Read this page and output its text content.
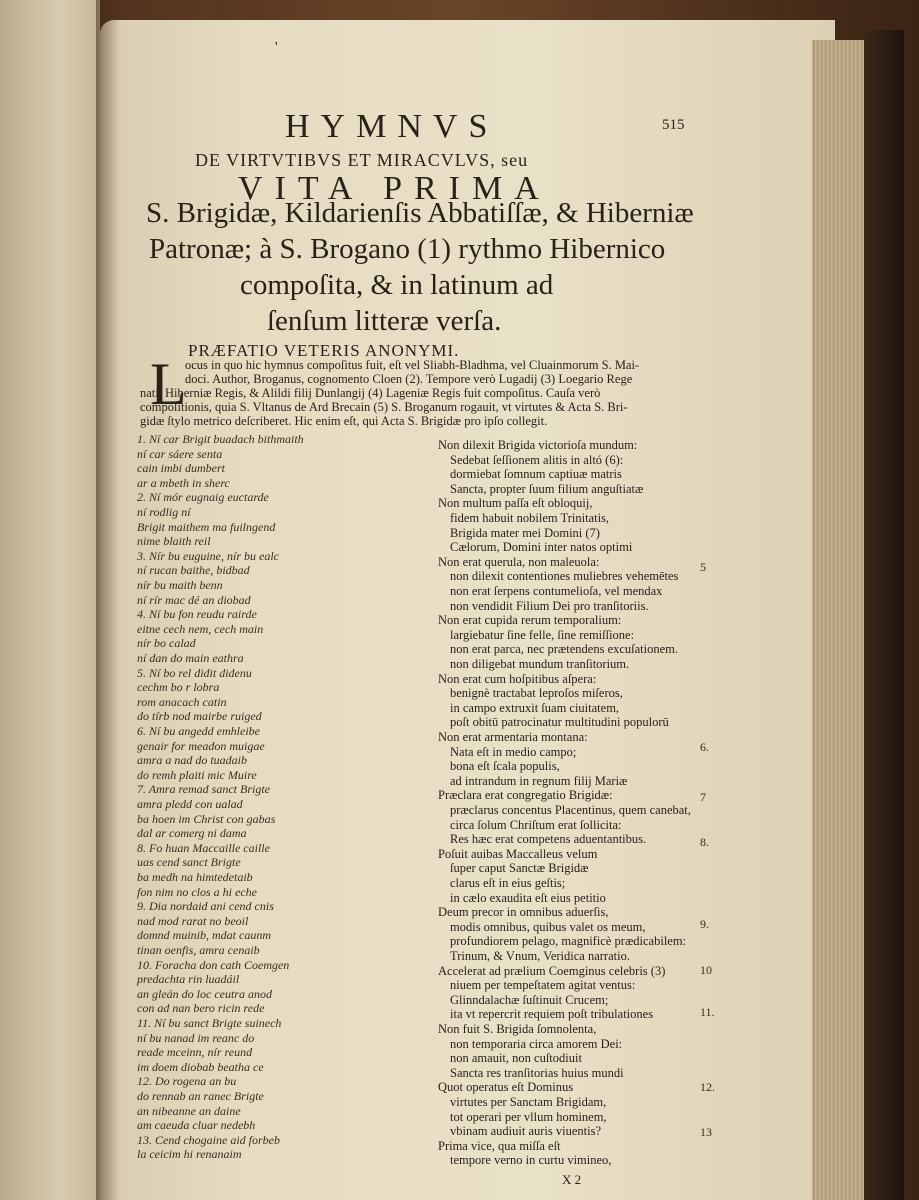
'
HYMNVS	515
DE VIRTVTIBVS ET MIRACVLVS, seu
VITA PRIMA
S. Brigidæ, Kildarienſis Abbatiſſæ, & Hiberniæ
Patronæ; à S. Brogano (1) rythmo Hibernico
compoſita, & in latinum ad
ſenſum litteræ verſa.
PRÆFATIO VETERIS ANONYMI.
L
ocus in quo hic hymnus compoſitus fuit, eſt vel Sliabh-Bladhma, vel Cluainmorum S. Mai-
doci. Author, Broganus, cognomento Cloen (2). Tempore verò Lugadij (3) Loegario Rege
nati, Hiberniæ Regis, & Alildi filij Dunlangij (4) Lageniæ Regis fuit compoſitus. Cauſa verò
compoſitionis, quia S. Vltanus de Ard Brecain (5) S. Broganum rogauit, vt virtutes & Acta S. Bri-
gidæ ſtylo metrico deſcriberet. Hic enim eſt, qui Acta S. Brigidæ pro ipſo collegit.
1. Ní car Brigit buadach bithmaith
ní car sáere senta
cain imbi dumbert
ar a mbeth in sherc
2. Ní mór eugnaig euctarde
ní rodlig ní
Brigit maithem ma fuilngend
nime blaith reil
3. Nír bu euguine, nír bu ealc
ní rucan baithe, bidbad
nír bu maith benn
ní rír mac dé an diobad
4. Ní bu fon reudu rairde
eitne cech nem, cech main
nír bo calad
ní dan do main eathra
5. Ní bo rel didit didenu
cechm bo r lobra
rom anacach catin
do tírb nod mairbe ruiged
6. Ní bu angedd emhleibe
genair for meadon muigae
amra a nad do tuadaib
do remh plaiti mic Muire
7. Amra remad sanct Brigte
amra pledd con ualad
ba hoen im Christ con gabas
dal ar comerg ni dama
8. Fo huan Maccaille caille
uas cend sanct Brigte
ba medh na himtedetaib
fon nim no clos a hi eche
9. Dia nordaid ani cend cnis
nad mod rarat no beoil
domnd muinib, mdat caunm
tinan oenfis, amra cenaib
10. Foracha don cath Coemgen
predachta rin luadáil
an gleán do loc ceutra anod
con ad nan bero ricin rede
11. Ní bu sanct Brigte suinech
ní bu nanad im reanc do
reade mceinn, nír reund
im doem diobab beatha ce
12. Do rogena an bu
do rennab an ranec Brigte
an nibeanne an daine
am caeuda cluar nedebh
13. Cend chogaine aid forbeb
la ceicim hi renanaim
Non dilexit Brigida victorioſa mundum:
Sedebat ſeſſionem alitis in altó (6):
dormiebat ſomnum captiuæ matris
Sancta, propter ſuum filium anguſtiatæ
Non multum paſſa eſt obloquij,
fidem habuit nobilem Trinitatis,
Brigida mater mei Domini (7)
Cælorum, Domini inter natos optimi
Non erat querula, non maleuola:
non dilexit contentiones muliebres vehemētes
non erat ſerpens contumelioſa, vel mendax
non vendidit Filium Dei pro tranſitoriis.
Non erat cupida rerum temporalium:
largiebatur ſine felle, ſine remiſſione:
non erat parca, nec prætendens excuſationem.
non diligebat mundum tranſitorium.
Non erat cum hoſpitibus aſpera:
benignè tractabat leproſos miſeros,
in campo extruxit ſuam ciuitatem,
poſt obitū patrocinatur multitudini populorū
Non erat armentaria montana:
Nata eſt in medio campo;
bona eſt ſcala populis,
ad intrandum in regnum filij Mariæ
Præclara erat congregatio Brigidæ:
præclarus concentus Placentinus, quem canebat,
circa ſolum Chriſtum erat ſollicita:
Res hæc erat competens aduentantibus.
Poſuit auibas Maccalleus velum
ſuper caput Sanctæ Brigidæ
clarus eſt in eius geſtis;
in cælo exaudita eſt eius petitio
Deum precor in omnibus aduerſis,
modis omnibus, quibus valet os meum,
profundiorem pelago, magnificè prædicabilem:
Trinum, & Vnum, Veridica narratio.
Accelerat ad prælium Coemginus celebris (3)
niuem per tempeſtatem agitat ventus:
Glinndalachæ ſuſtinuit Crucem;
ita vt repercrit requiem poſt tribulationes
Non fuit S. Brigida ſomnolenta,
non temporaria circa amorem Dei:
non amauit, non cuſtodiuit
Sancta res tranſitorias huius mundi
Quot operatus eſt Dominus
virtutes per Sanctam Brigidam,
tot operari per vllum hominem,
vbinam audiuit auris viuentis?
Prima vice, qua miſſa eſt
tempore verno in curtu vimineo,
5
6.
7
8.
9.
10
11.
12.
13
X 2
